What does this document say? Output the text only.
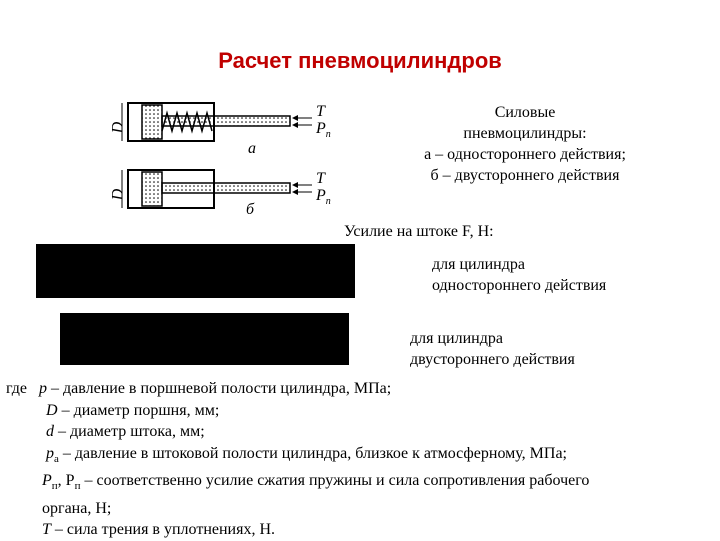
Расчет пневмоцилиндров
D
D
T
$P_п$
а
T
$P_п$
б
Силовые
пневмоцилиндры:
а – одностороннего действия;
б – двустороннего действия
Усилие на штоке F, Н:
для цилиндра
одностороннего действия
для цилиндра
двустороннего действия
где p – давление в поршневой полости цилиндра, МПа;
D – диаметр поршня, мм;
d – диаметр штока, мм;
$p_а$ – давление в штоковой полости цилиндра, близкое к атмосферному, МПа;
$P_п$, $P_п$ – соответственно усилие сжатия пружины и сила сопротивления рабочего
органа, Н;
T – сила трения в уплотнениях, Н.
